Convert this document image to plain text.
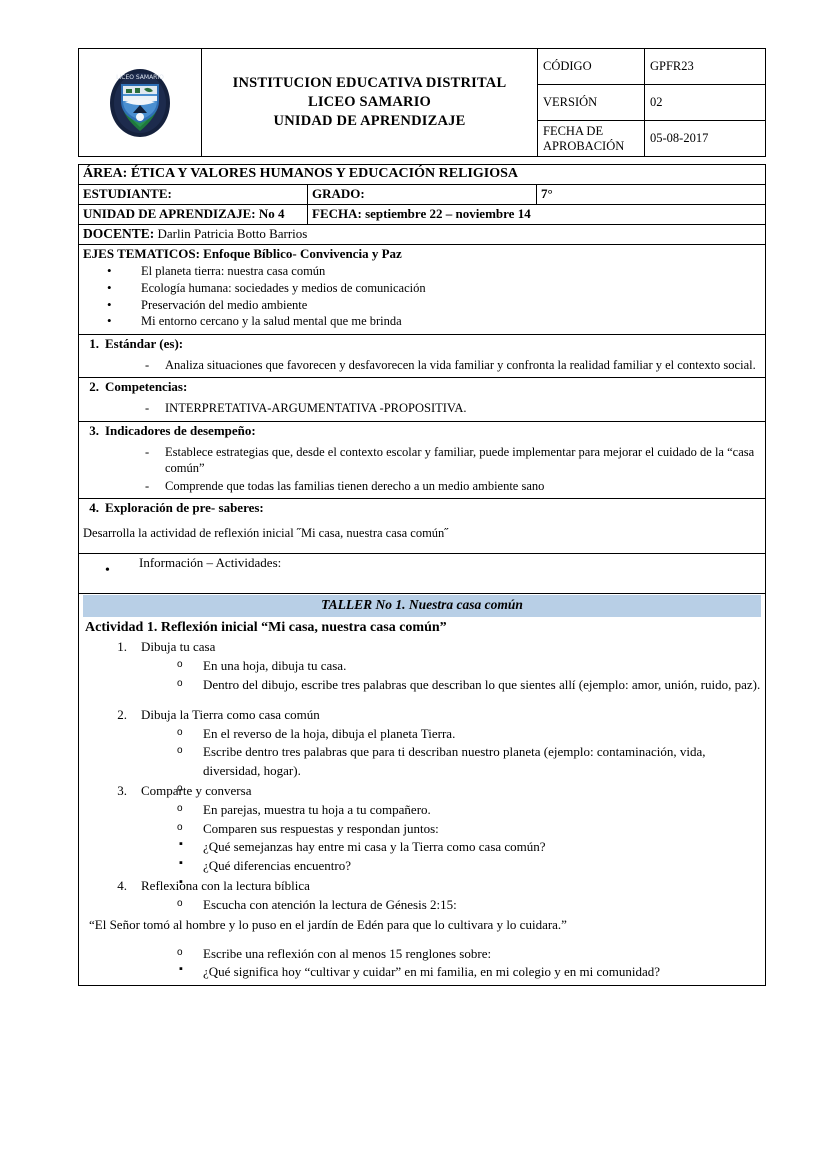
LICEO SAMARIO	INSTITUCION EDUCATIVA DISTRITAL
LICEO SAMARIO
UNIDAD DE APRENDIZAJE	CÓDIGO	GPFR23
		VERSIÓN	02
		FECHA DE APROBACIÓN	05-08-2017
ÁREA: ÉTICA Y VALORES HUMANOS Y EDUCACIÓN RELIGIOSA		
ESTUDIANTE:	GRADO:	7°
UNIDAD DE APRENDIZAJE: No 4	FECHA: septiembre 22 – noviembre 14	
DOCENTE: Darlin Patricia Botto Barrios		

EJES TEMATICOS: Enfoque Bíblico- Convivencia y Paz
• El planeta tierra: nuestra casa común
• Ecología humana: sociedades y medios de comunicación
• Preservación del medio ambiente
• Mi entorno cercano y la salud mental que me brinda

1. Estándar (es):
- Analiza situaciones que favorecen y desfavorecen la vida familiar y confronta la realidad familiar y el contexto social.

2. Competencias:
- INTERPRETATIVA-ARGUMENTATIVA -PROPOSITIVA.

3. Indicadores de desempeño:
- Establece estrategias que, desde el contexto escolar y familiar, puede implementar para mejorar el cuidado de la “casa común”
- Comprende que todas las familias tienen derecho a un medio ambiente sano

4. Exploración de pre- saberes:
Desarrolla la actividad de reflexión inicial ˝Mi casa, nuestra casa común˝		

•
Información – Actividades:		

TALLER No 1. Nuestra casa común
Actividad 1. Reflexión inicial “Mi casa, nuestra casa común”
1. Dibuja tu casa
o En una hoja, dibuja tu casa.
o Dentro del dibujo, escribe tres palabras que describan lo que sientes allí (ejemplo: amor, unión, ruido, paz).
2. Dibuja la Tierra como casa común
o En el reverso de la hoja, dibuja el planeta Tierra.
o Escribe dentro tres palabras que para ti describan nuestro planeta (ejemplo: contaminación, vida, diversidad, hogar).
3. Comparte y conversa
o En parejas, muestra tu hoja a tu compañero.
o Comparen sus respuestas y respondan juntos:
▪ ¿Qué semejanzas hay entre mi casa y la Tierra como casa común?
▪ ¿Qué diferencias encuentro?
4. Reflexiona con la lectura bíblica
o Escucha con atención la lectura de Génesis 2:15:
“El Señor tomó al hombre y lo puso en el jardín de Edén para que lo cultivara y lo cuidara.”
o Escribe una reflexión con al menos 15 renglones sobre:
▪ ¿Qué significa hoy “cultivar y cuidar” en mi familia, en mi colegio y en mi comunidad?
